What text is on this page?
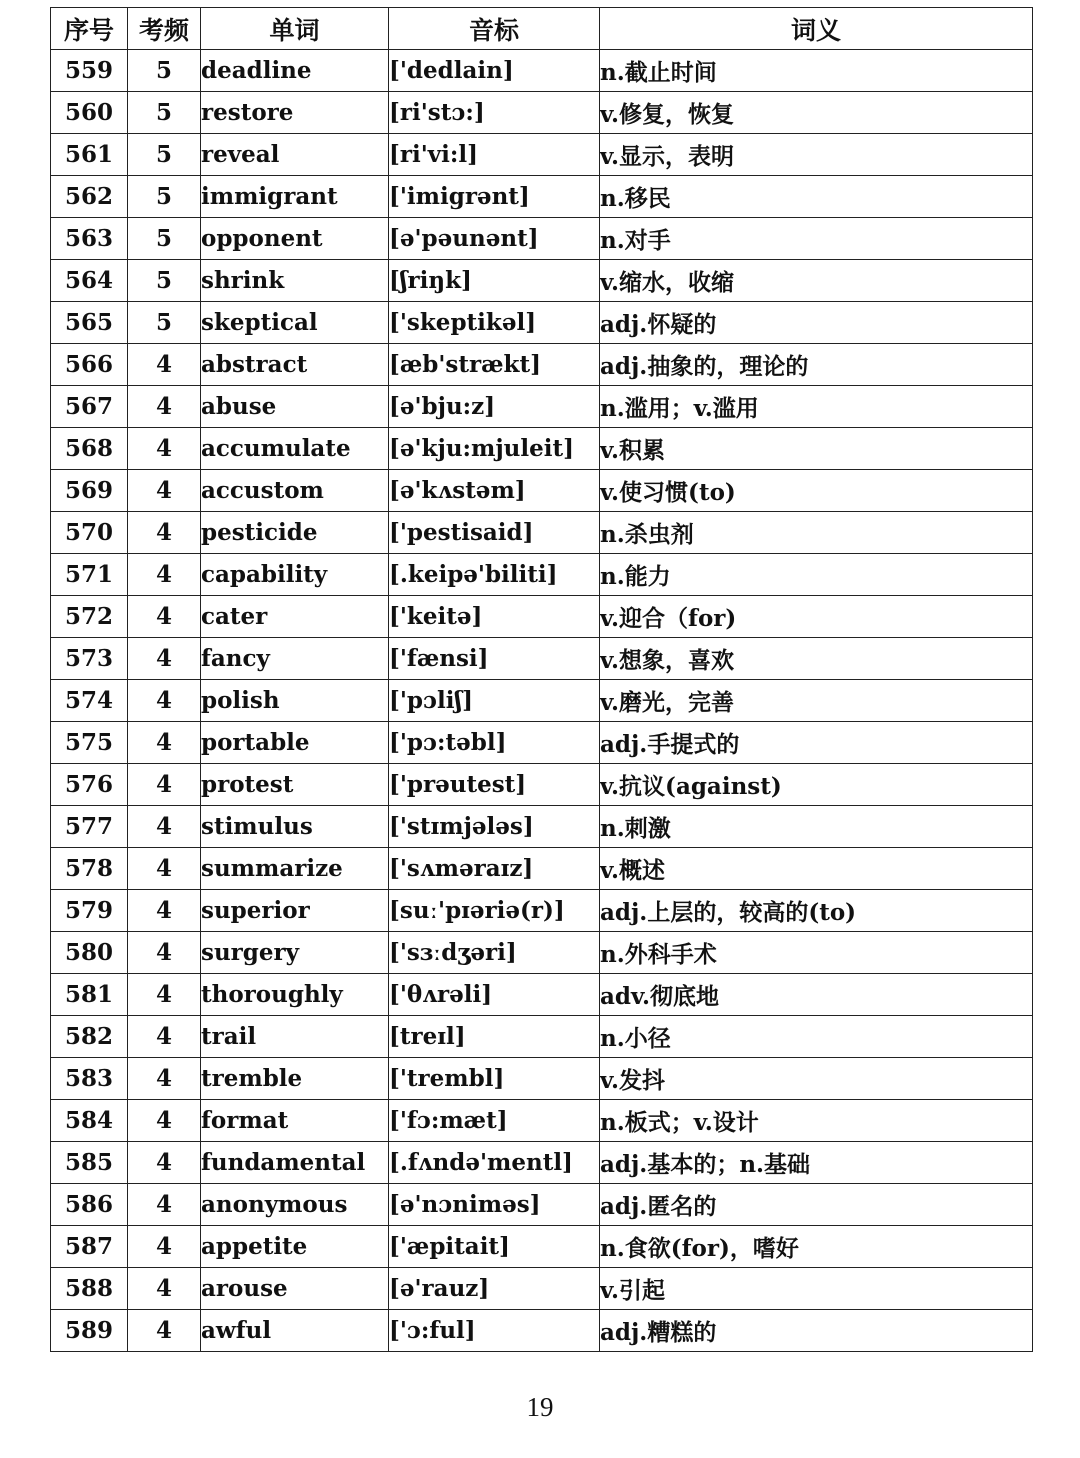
序号	考频	单词	音标	词义
559	5	deadline	['dedlain]	n.截止时间
560	5	restore	[ri'stɔ:]	v.修复，恢复
561	5	reveal	[ri'vi:l]	v.显示，表明
562	5	immigrant	['imigrənt]	n.移民
563	5	opponent	[ə'pəunənt]	n.对手
564	5	shrink	[ʃriŋk]	v.缩水，收缩
565	5	skeptical	['skeptikəl]	adj.怀疑的
566	4	abstract	[æb'strækt]	adj.抽象的，理论的
567	4	abuse	[ə'bju:z]	n.滥用；v.滥用
568	4	accumulate	[ə'kju:mjuleit]	v.积累
569	4	accustom	[ə'kʌstəm]	v.使习惯(to)
570	4	pesticide	['pestisaid]	n.杀虫剂
571	4	capability	[.keipə'biliti]	n.能力
572	4	cater	['keitə]	v.迎合（for)
573	4	fancy	['fænsi]	v.想象，喜欢
574	4	polish	['pɔliʃ]	v.磨光，完善
575	4	portable	['pɔ:təbl]	adj.手提式的
576	4	protest	['prəutest]	v.抗议(against)
577	4	stimulus	['stɪmjələs]	n.刺激
578	4	summarize	['sʌməraɪz]	v.概述
579	4	superior	[suː'pɪəriə(r)]	adj.上层的，较高的(to)
580	4	surgery	['sɜːdʒəri]	n.外科手术
581	4	thoroughly	['θʌrəli]	adv.彻底地
582	4	trail	[treɪl]	n.小径
583	4	tremble	['trembl]	v.发抖
584	4	format	['fɔ:mæt]	n.板式；v.设计
585	4	fundamental	[.fʌndə'mentl]	adj.基本的；n.基础
586	4	anonymous	[ə'nɔniməs]	adj.匿名的
587	4	appetite	['æpitait]	n.食欲(for)，嗜好
588	4	arouse	[ə'rauz]	v.引起
589	4	awful	['ɔ:ful]	adj.糟糕的
19
